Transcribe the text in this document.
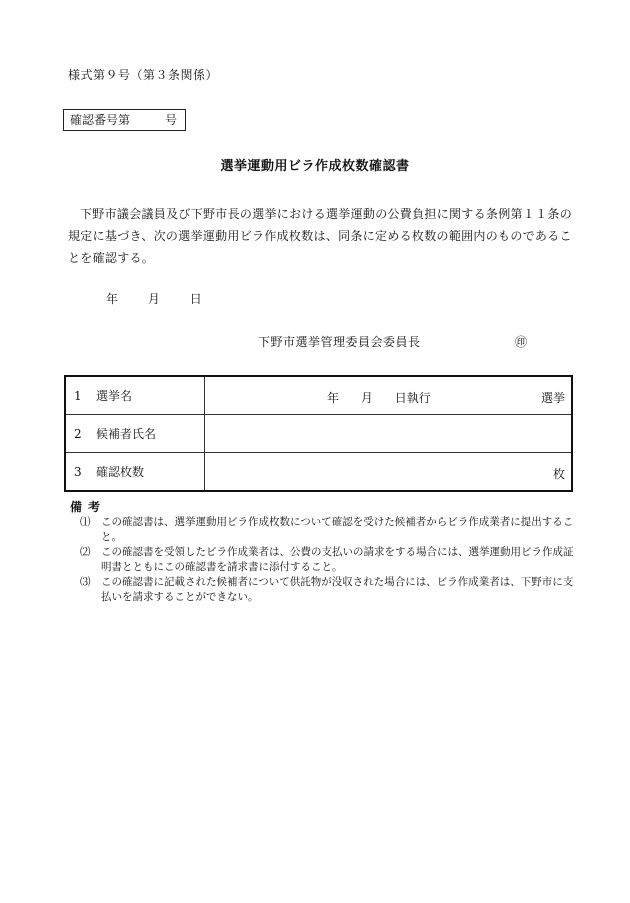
様式第９号（第３条関係）
確認番号第	号
選挙運動用ビラ作成枚数確認書
下野市議会議員及び下野市長の選挙における選挙運動の公費負担に関する条例第１１条の規定に基づき、次の選挙運動用ビラ作成枚数は、同条に定める枚数の範囲内のものであることを確認する。
年 月 日
下野市選挙管理委員会委員長	㊞
1 選挙名	年 月 日執行 選挙

2 候補者氏名	

3 確認枚数	枚
備考
⑴ この確認書は、選挙運動用ビラ作成枚数について確認を受けた候補者からビラ作成業者に提出すること。
⑵ この確認書を受領したビラ作成業者は、公費の支払いの請求をする場合には、選挙運動用ビラ作成証明書とともにこの確認書を請求書に添付すること。
⑶ この確認書に記載された候補者について供託物が没収された場合には、ビラ作成業者は、下野市に支払いを請求することができない。
